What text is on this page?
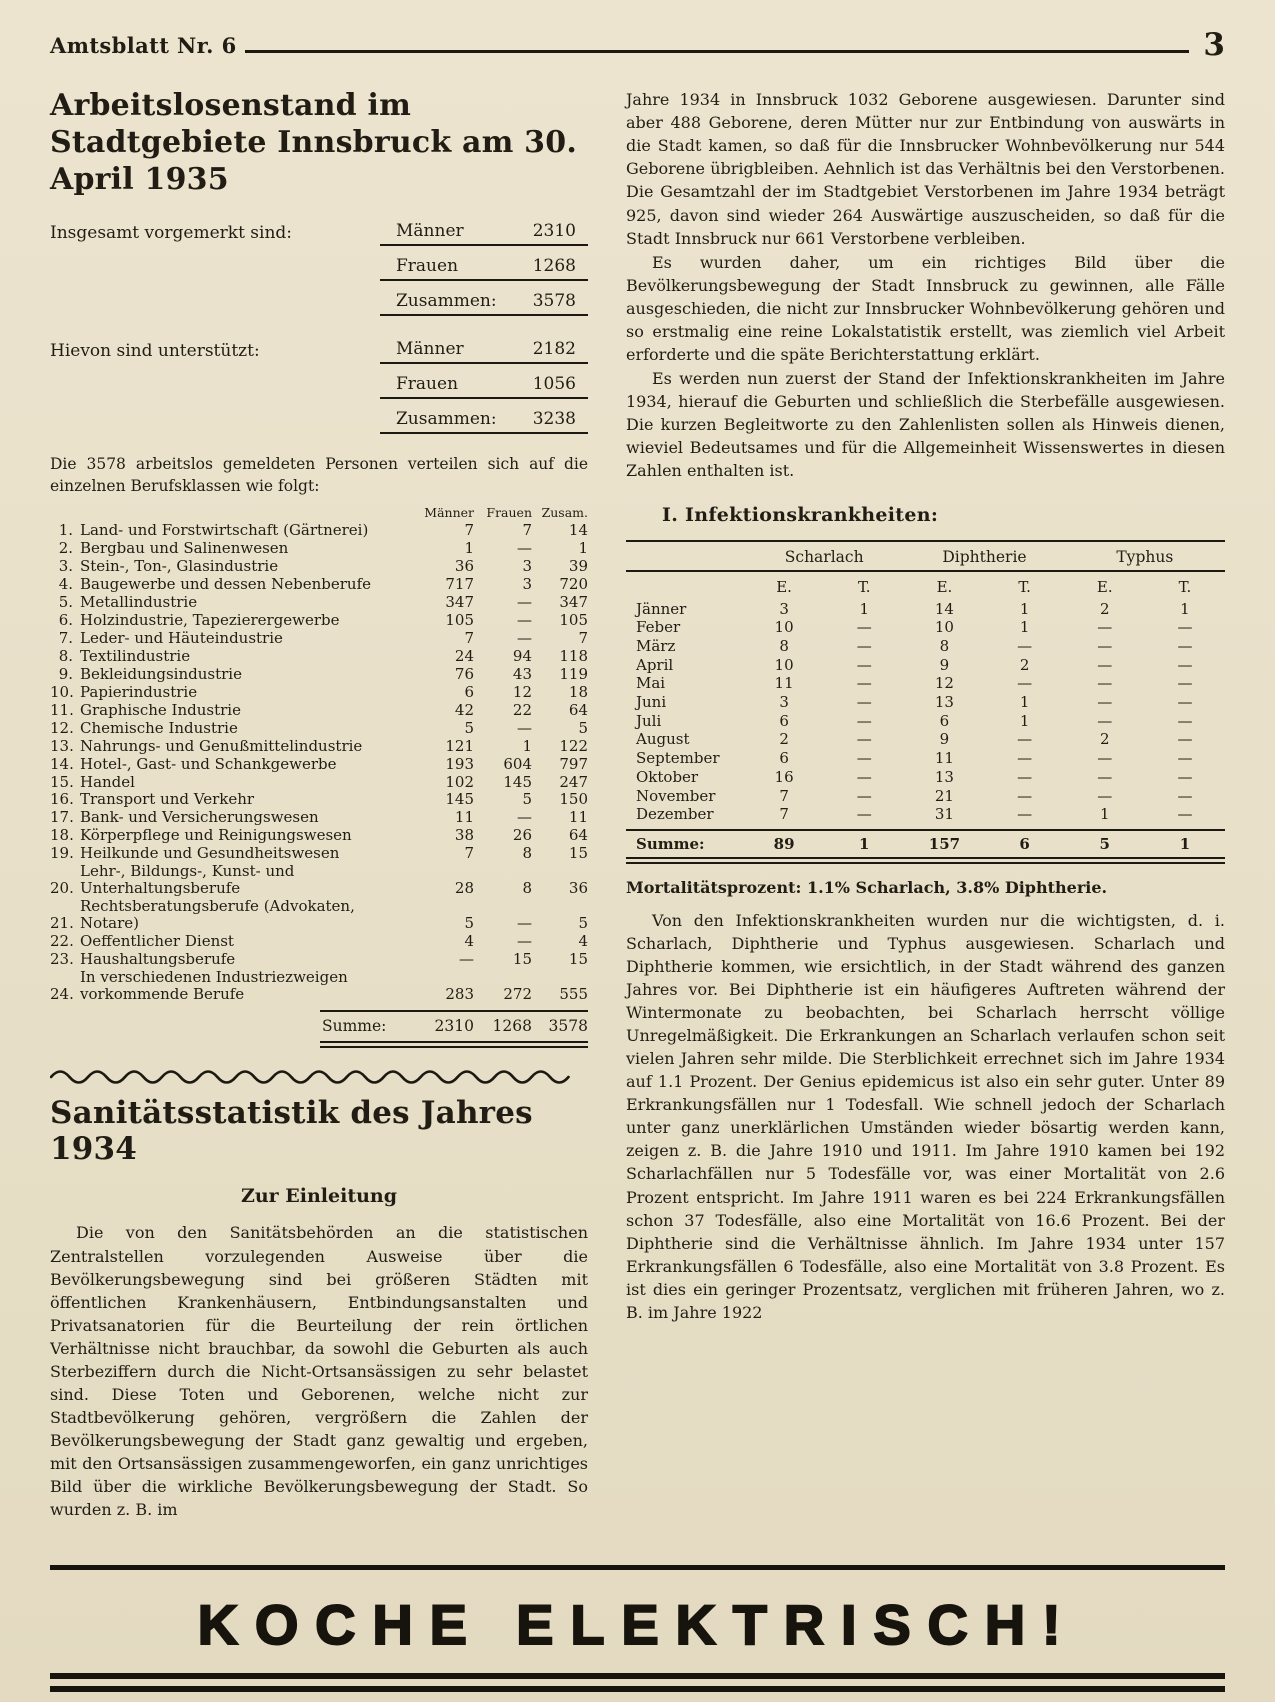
Amtsblatt Nr. 6	3
Arbeitslosenstand im
Stadtgebiete Innsbruck am 30. April 1935
Insgesamt vorgemerkt sind:	Männer	2310
Frauen	1268
Zusammen: 3578
Hievon sind unterstützt:	Männer	2182
Frauen	1056
Zusammen: 3238

Die 3578 arbeitslos gemeldeten Personen verteilen sich auf die einzelnen Berufsklassen wie folgt:

Männer Frauen Zusam.
1. Land- und Forstwirtschaft (Gärtnerei)	7	7	14
2. Bergbau und Salinenwesen	1	—	1
3. Stein-, Ton-, Glasindustrie	36	3	39
4. Baugewerbe und dessen Nebenberufe	717	3	720
5. Metallindustrie	347	—	347
6. Holzindustrie, Tapezierergewerbe	105	—	105
7. Leder- und Häuteindustrie	7	—	7
8. Textilindustrie	24	94	118
9. Bekleidungsindustrie	76	43	119
10. Papierindustrie	6	12	18
11. Graphische Industrie	42	22	64
12. Chemische Industrie	5	—	5
13. Nahrungs- und Genußmittelindustrie	121	1	122
14. Hotel-, Gast- und Schankgewerbe	193	604	797
15. Handel	102	145	247
16. Transport und Verkehr	145	5	150
17. Bank- und Versicherungswesen	11	—	11
18. Körperpflege und Reinigungswesen	38	26	64
19. Heilkunde und Gesundheitswesen	7	8	15
20.
Lehr-, Bildungs-, Kunst- und Unterhaltungsberufe	28	8	36
21.
Rechtsberatungsberufe (Advokaten, Notare)	5	—	5
22. Oeffentlicher Dienst	4	—	4
23. Haushaltungsberufe	—	15	15
24.
In verschiedenen Industriezweigen vorkommende Berufe	283	272	555
Summe:	2310	1268	3578
Sanitätsstatistik des Jahres 1934
Zur Einleitung

Die von den Sanitätsbehörden an die statistischen Zentralstellen vorzulegenden Ausweise über die Bevölkerungsbewegung sind bei größeren Städten mit öffentlichen Krankenhäusern, Entbindungsanstalten und Privatsanatorien für die Beurteilung der rein örtlichen Verhältnisse nicht brauchbar, da sowohl die Geburten als auch Sterbeziffern durch die Nicht-Ortsansässigen zu sehr belastet sind. Diese Toten und Geborenen, welche nicht zur Stadtbevölkerung gehören, vergrößern die Zahlen der Bevölkerungsbewegung der Stadt ganz gewaltig und ergeben, mit den Ortsansässigen zusammengeworfen, ein ganz unrichtiges Bild über die wirkliche Bevölkerungsbewegung der Stadt. So wurden z. B. im

Jahre 1934 in Innsbruck 1032 Geborene ausgewiesen. Darunter sind aber 488 Geborene, deren Mütter nur zur Entbindung von auswärts in die Stadt kamen, so daß für die Innsbrucker Wohnbevölkerung nur 544 Geborene übrigbleiben. Aehnlich ist das Verhältnis bei den Verstorbenen. Die Gesamtzahl der im Stadtgebiet Verstorbenen im Jahre 1934 beträgt 925, davon sind wieder 264 Auswärtige auszuscheiden, so daß für die Stadt Innsbruck nur 661 Verstorbene verbleiben.

Es wurden daher, um ein richtiges Bild über die Bevölkerungsbewegung der Stadt Innsbruck zu gewinnen, alle Fälle ausgeschieden, die nicht zur Innsbrucker Wohnbevölkerung gehören und so erstmalig eine reine Lokalstatistik erstellt, was ziemlich viel Arbeit erforderte und die späte Berichterstattung erklärt.

Es werden nun zuerst der Stand der Infektionskrankheiten im Jahre 1934, hierauf die Geburten und schließlich die Sterbefälle ausgewiesen. Die kurzen Begleitworte zu den Zahlenlisten sollen als Hinweis dienen, wieviel Bedeutsames und für die Allgemeinheit Wissenswertes in diesen Zahlen enthalten ist.

I. Infektionskrankheiten:
Scharlach	Diphtherie	Typhus
E.	T.	E.	T.	E.	T.
Jänner	3	1	14	1	2	1
Feber	10	—	10	1	—	—
März	8	—	8	—	—	—
April	10	—	9	2	—	—
Mai	11	—	12	—	—	—
Juni	3	—	13	1	—	—
Juli	6	—	6	1	—	—
August	2	—	9	—	2	—
September	6	—	11	—	—	—
Oktober	16	—	13	—	—	—
November	7	—	21	—	—	—
Dezember	7	—	31	—	1	—
Summe:	89	1	157	6	5	1

Mortalitätsprozent: 1.1% Scharlach, 3.8% Diphtherie.

Von den Infektionskrankheiten wurden nur die wichtigsten, d. i. Scharlach, Diphtherie und Typhus ausgewiesen. Scharlach und Diphtherie kommen, wie ersichtlich, in der Stadt während des ganzen Jahres vor. Bei Diphtherie ist ein häufigeres Auftreten während der Wintermonate zu beobachten, bei Scharlach herrscht völlige Unregelmäßigkeit. Die Erkrankungen an Scharlach verlaufen schon seit vielen Jahren sehr milde. Die Sterblichkeit errechnet sich im Jahre 1934 auf 1.1 Prozent. Der Genius epidemicus ist also ein sehr guter. Unter 89 Erkrankungsfällen nur 1 Todesfall. Wie schnell jedoch der Scharlach unter ganz unerklärlichen Umständen wieder bösartig werden kann, zeigen z. B. die Jahre 1910 und 1911. Im Jahre 1910 kamen bei 192 Scharlachfällen nur 5 Todesfälle vor, was einer Mortalität von 2.6 Prozent entspricht. Im Jahre 1911 waren es bei 224 Erkrankungsfällen schon 37 Todesfälle, also eine Mortalität von 16.6 Prozent. Bei der Diphtherie sind die Verhältnisse ähnlich. Im Jahre 1934 unter 157 Erkrankungsfällen 6 Todesfälle, also eine Mortalität von 3.8 Prozent. Es ist dies ein geringer Prozentsatz, verglichen mit früheren Jahren, wo z. B. im Jahre 1922

KOCHE ELEKTRISCH!
